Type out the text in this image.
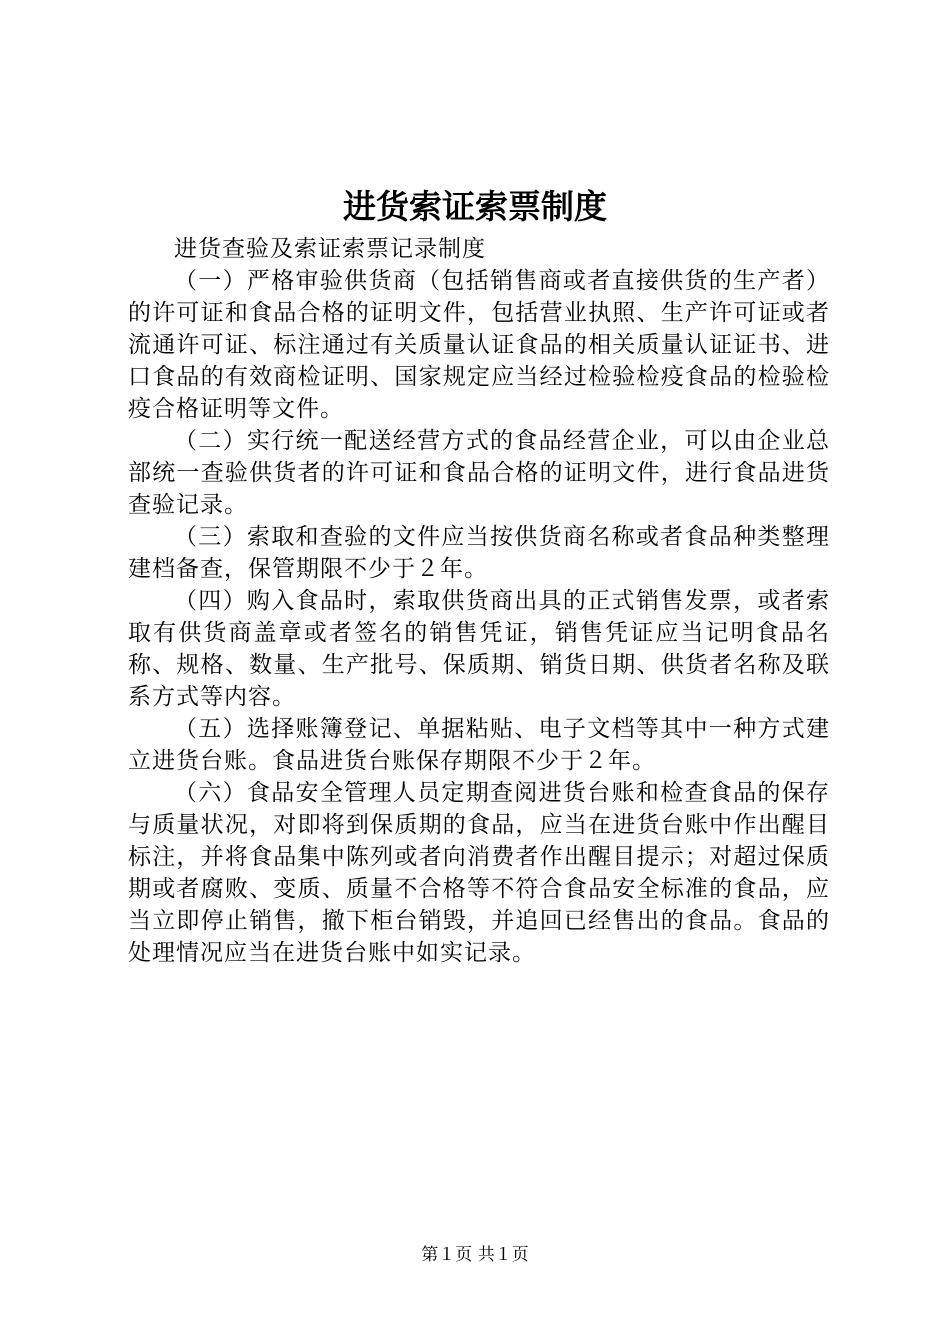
进货索证索票制度

进货查验及索证索票记录制度

（一）严格审验供货商（包括销售商或者直接供货的生产者）的许可证和食品合格的证明文件，包括营业执照、生产许可证或者流通许可证、标注通过有关质量认证食品的相关质量认证证书、进口食品的有效商检证明、国家规定应当经过检验检疫食品的检验检疫合格证明等文件。

（二）实行统一配送经营方式的食品经营企业，可以由企业总部统一查验供货者的许可证和食品合格的证明文件，进行食品进货查验记录。

（三）索取和查验的文件应当按供货商名称或者食品种类整理建档备查，保管期限不少于２年。

（四）购入食品时，索取供货商出具的正式销售发票，或者索取有供货商盖章或者签名的销售凭证，销售凭证应当记明食品名称、规格、数量、生产批号、保质期、销货日期、供货者名称及联系方式等内容。

（五）选择账簿登记、单据粘贴、电子文档等其中一种方式建立进货台账。食品进货台账保存期限不少于２年。

（六）食品安全管理人员定期查阅进货台账和检查食品的保存与质量状况，对即将到保质期的食品，应当在进货台账中作出醒目标注，并将食品集中陈列或者向消费者作出醒目提示；对超过保质期或者腐败、变质、质量不合格等不符合食品安全标准的食品，应当立即停止销售，撤下柜台销毁，并追回已经售出的食品。食品的处理情况应当在进货台账中如实记录。

第１页 共１页
